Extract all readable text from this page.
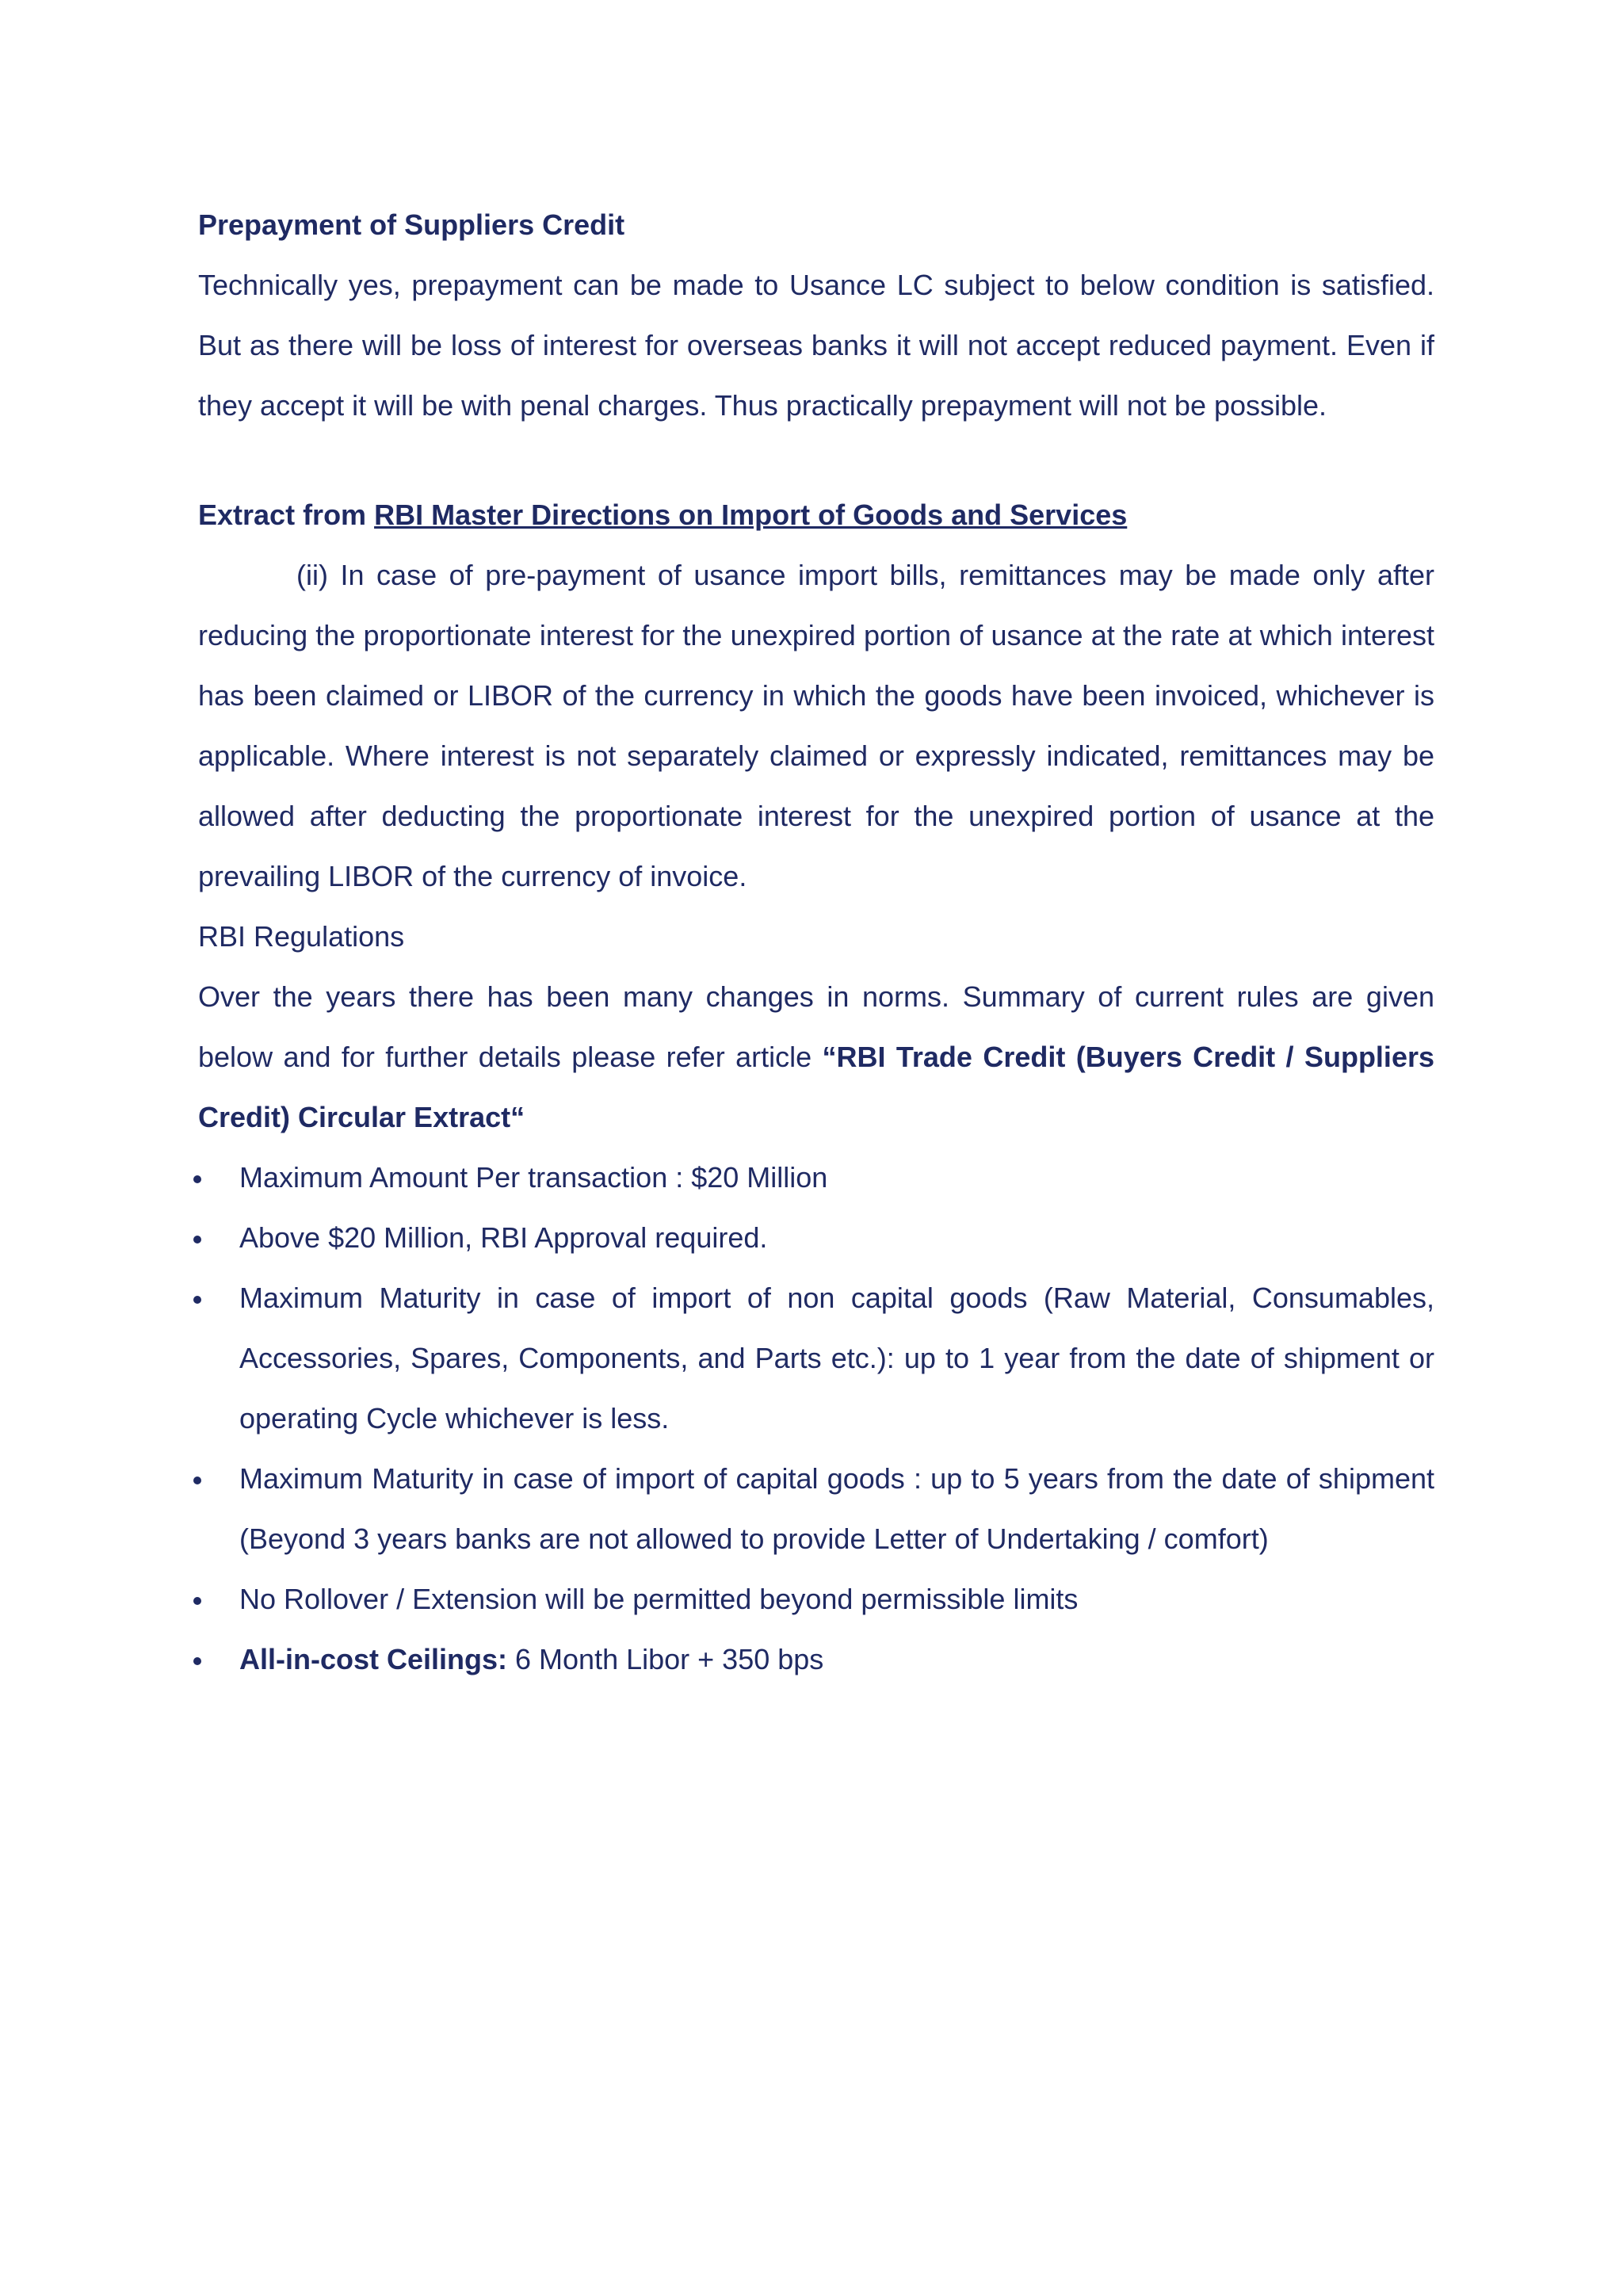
Prepayment of Suppliers Credit

Technically yes, prepayment can be made to Usance LC subject to below condition is satisfied. But as there will be loss of interest for overseas banks it will not accept reduced payment. Even if they accept it will be with penal charges. Thus practically prepayment will not be possible.

Extract from RBI Master Directions on Import of Goods and Services

(ii) In case of pre-payment of usance import bills, remittances may be made only after reducing the proportionate interest for the unexpired portion of usance at the rate at which interest has been claimed or LIBOR of the currency in which the goods have been invoiced, whichever is applicable. Where interest is not separately claimed or expressly indicated, remittances may be allowed after deducting the proportionate interest for the unexpired portion of usance at the prevailing LIBOR of the currency of invoice.

RBI Regulations

Over the years there has been many changes in norms. Summary of current rules are given below and for further details please refer article “RBI Trade Credit (Buyers Credit / Suppliers Credit) Circular Extract“

Maximum Amount Per transaction : $20 Million
Above $20 Million, RBI Approval required.
Maximum Maturity in case of import of non capital goods (Raw Material, Consumables, Accessories, Spares, Components, and Parts etc.): up to 1 year from the date of shipment or operating Cycle whichever is less.
Maximum Maturity in case of import of capital goods : up to 5 years from the date of shipment (Beyond 3 years banks are not allowed to provide Letter of Undertaking / comfort)
No Rollover / Extension will be permitted beyond permissible limits
All-in-cost Ceilings: 6 Month Libor + 350 bps
